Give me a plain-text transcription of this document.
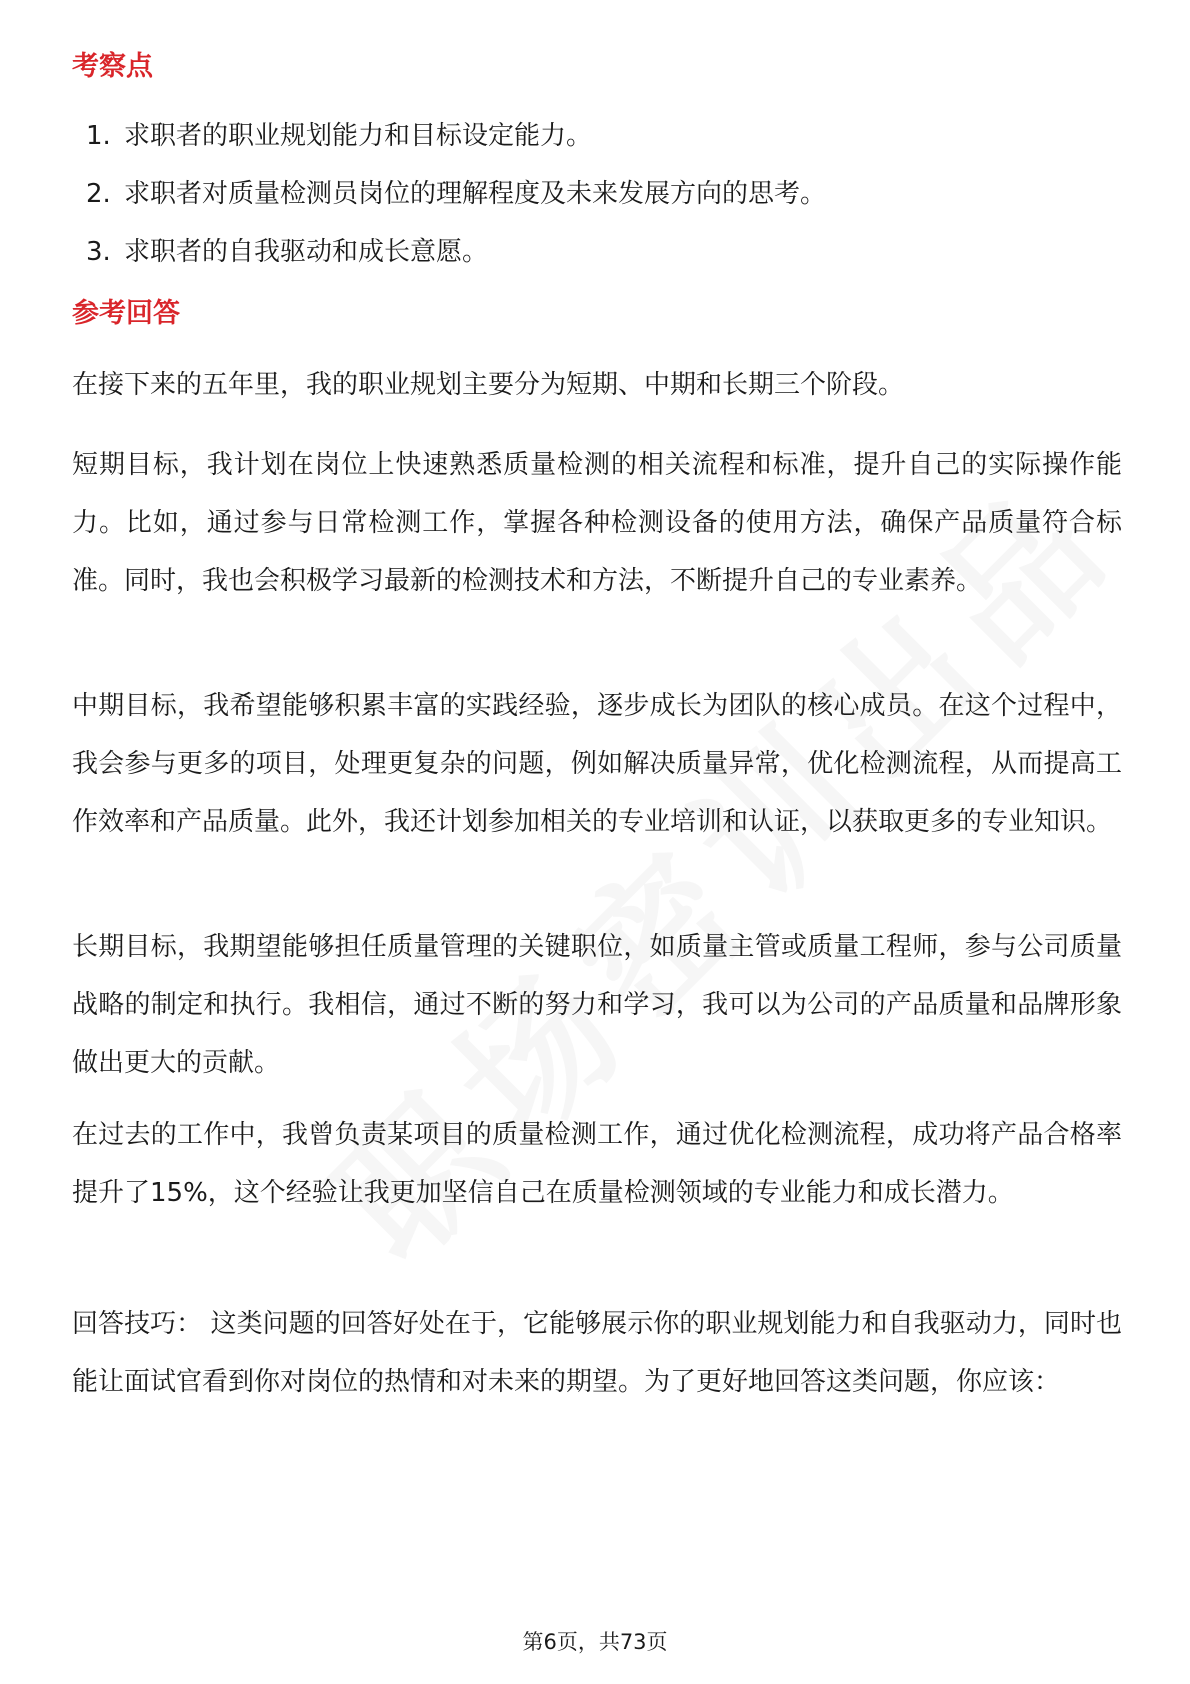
考察点
1. 求职者的职业规划能力和目标设定能力。
2. 求职者对质量检测员岗位的理解程度及未来发展方向的思考。
3. 求职者的自我驱动和成长意愿。
参考回答

在接下来的五年里，我的职业规划主要分为短期、中期和长期三个阶段。

短期目标，我计划在岗位上快速熟悉质量检测的相关流程和标准，提升自己的实际操作能力。比如，通过参与日常检测工作，掌握各种检测设备的使用方法，确保产品质量符合标准。同时，我也会积极学习最新的检测技术和方法，不断提升自己的专业素养。

中期目标，我希望能够积累丰富的实践经验，逐步成长为团队的核心成员。在这个过程中，我会参与更多的项目，处理更复杂的问题，例如解决质量异常，优化检测流程，从而提高工作效率和产品质量。此外，我还计划参加相关的专业培训和认证，以获取更多的专业知识。

长期目标，我期望能够担任质量管理的关键职位，如质量主管或质量工程师，参与公司质量战略的制定和执行。我相信，通过不断的努力和学习，我可以为公司的产品质量和品牌形象做出更大的贡献。

在过去的工作中，我曾负责某项目的质量检测工作，通过优化检测流程，成功将产品合格率提升了15%，这个经验让我更加坚信自己在质量检测领域的专业能力和成长潜力。

回答技巧： 这类问题的回答好处在于，它能够展示你的职业规划能力和自我驱动力，同时也能让面试官看到你对岗位的热情和对未来的期望。为了更好地回答这类问题，你应该：

第6页，共73页
